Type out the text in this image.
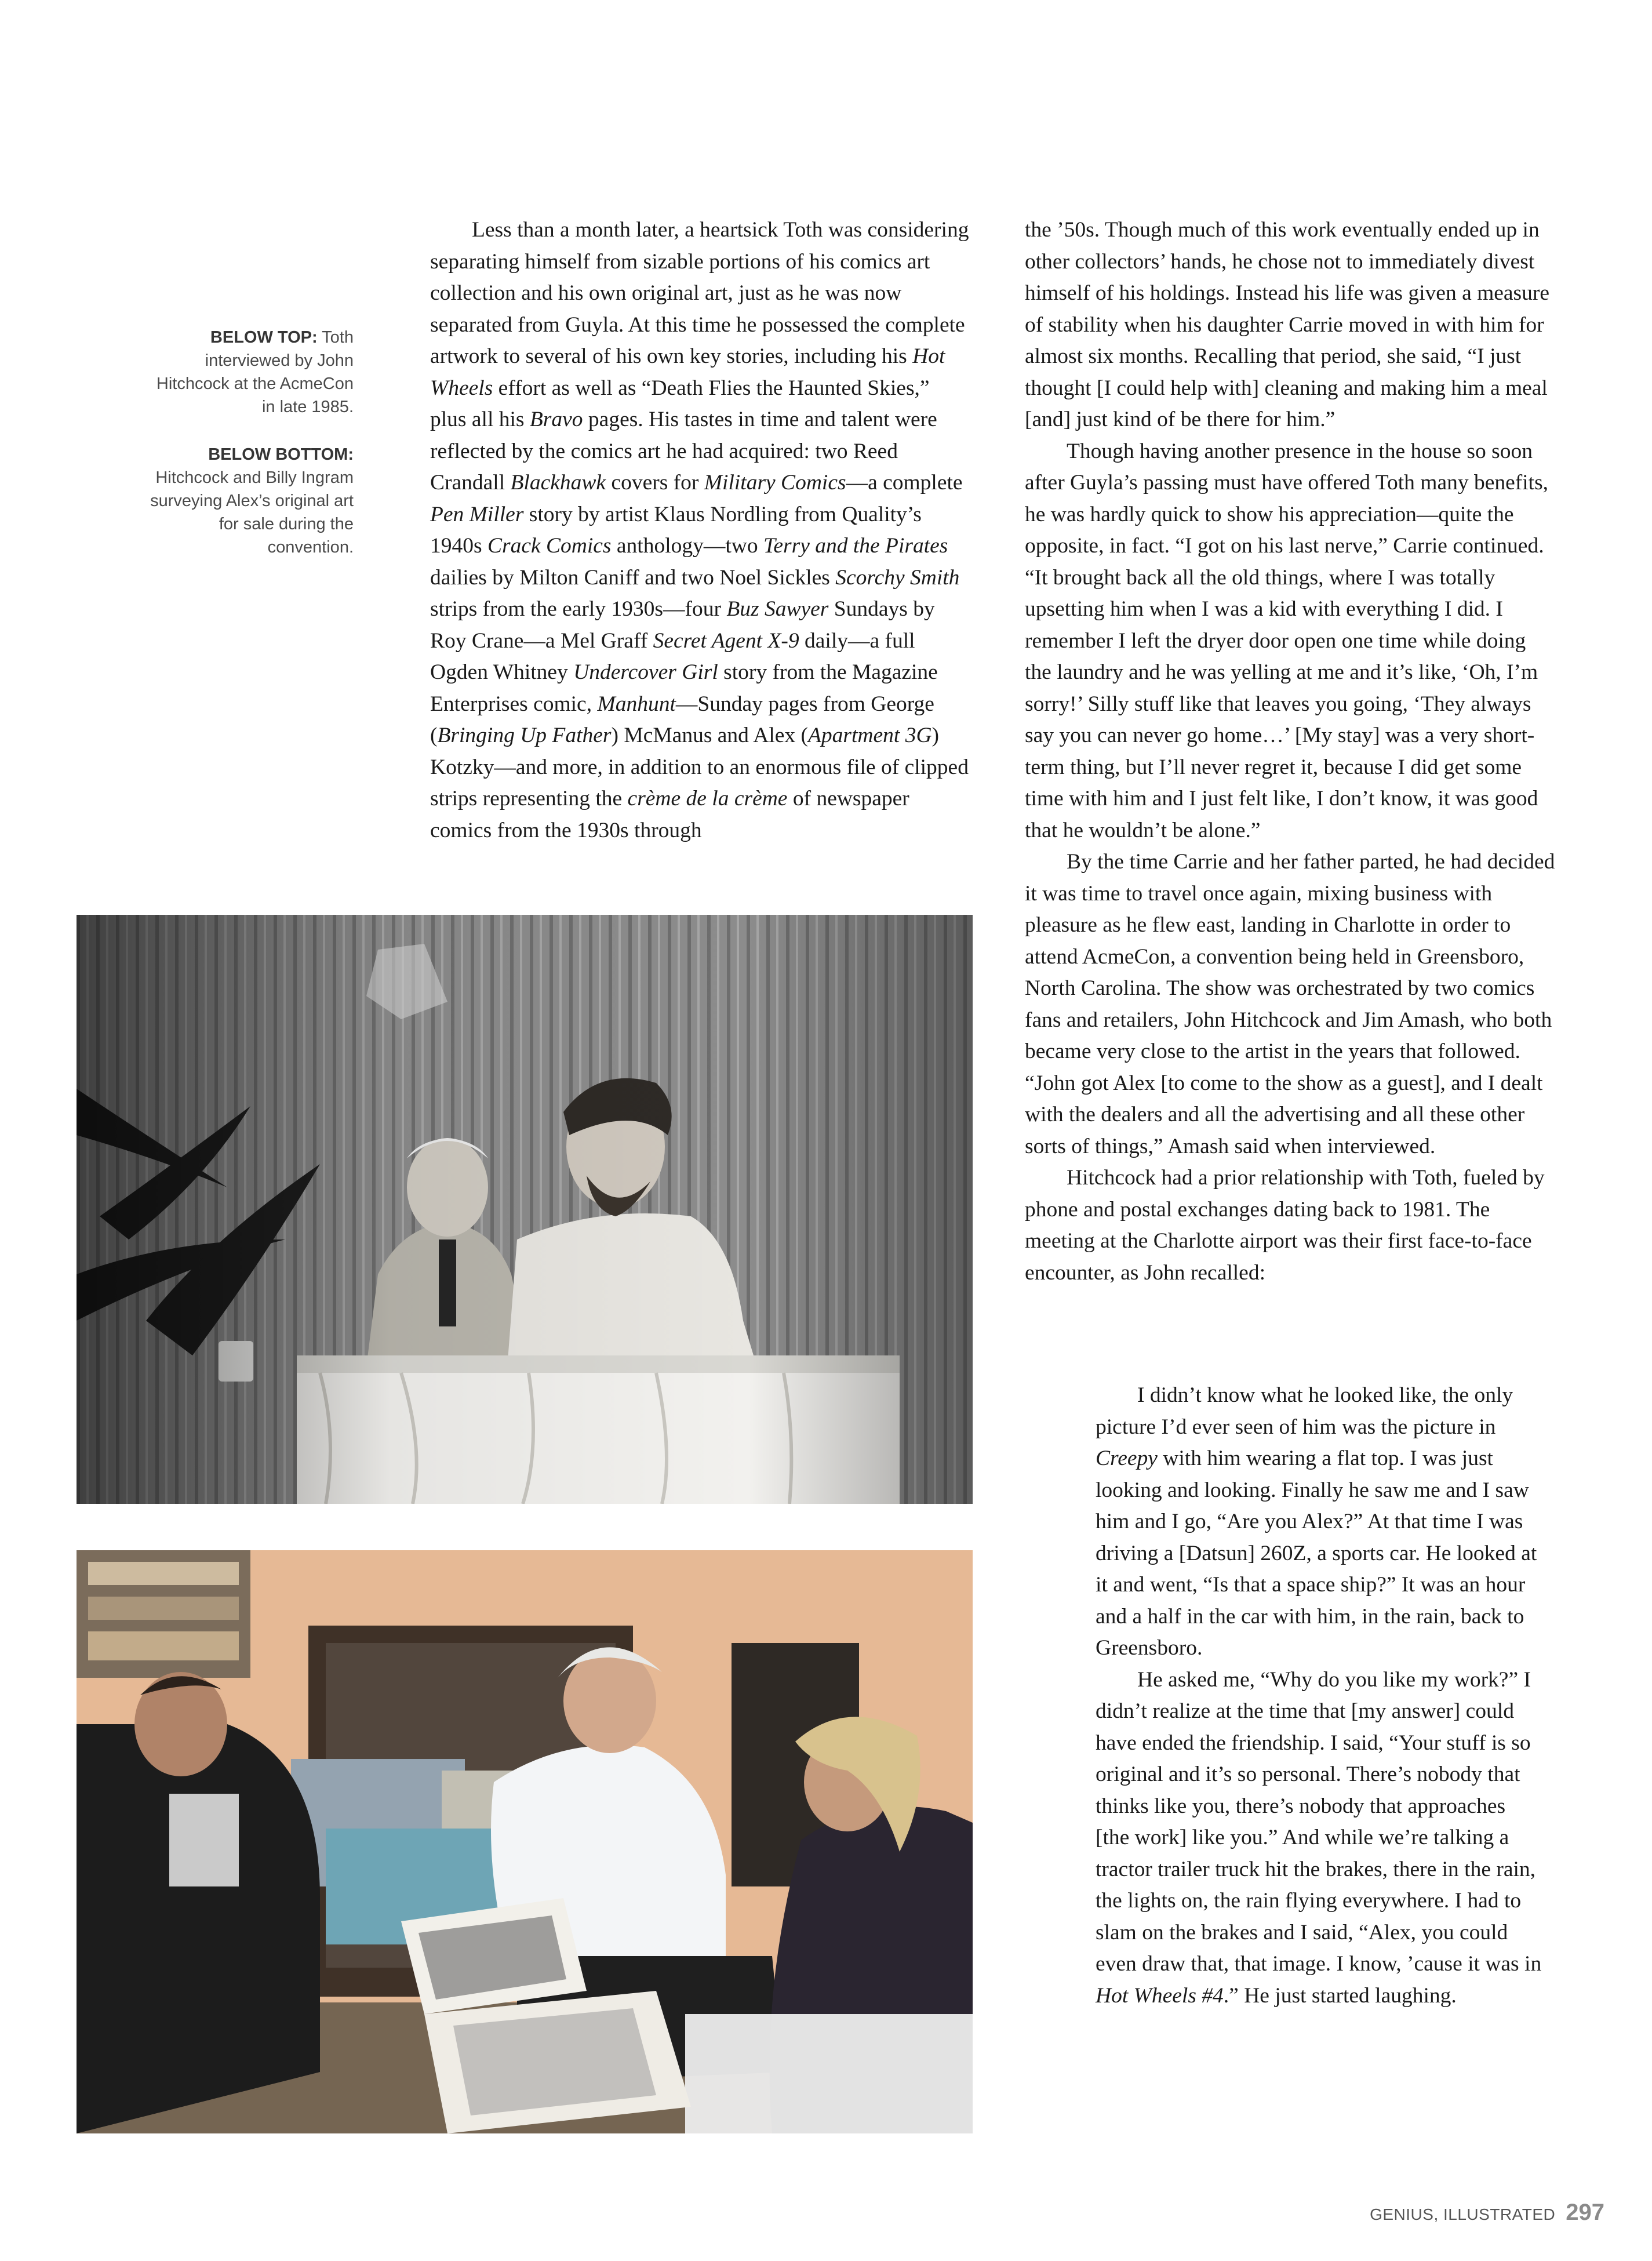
BELOW TOP: Toth interviewed by John Hitchcock at the AcmeCon in late 1985.

BELOW BOTTOM: Hitchcock and Billy Ingram surveying Alex’s original art for sale during the convention.

Less than a month later, a heartsick Toth was considering separating himself from sizable portions of his comics art collection and his own original art, just as he was now separated from Guyla. At this time he possessed the complete artwork to several of his own key stories, including his Hot Wheels effort as well as “Death Flies the Haunted Skies,” plus all his Bravo pages. His tastes in time and talent were reflected by the comics art he had acquired: two Reed Crandall Blackhawk covers for Military Comics—a complete Pen Miller story by artist Klaus Nordling from Quality’s 1940s Crack Comics anthology—two Terry and the Pirates dailies by Milton Caniff and two Noel Sickles Scorchy Smith strips from the early 1930s—four Buz Sawyer Sundays by Roy Crane—a Mel Graff Secret Agent X-9 daily—a full Ogden Whitney Undercover Girl story from the Magazine Enterprises comic, Manhunt—Sunday pages from George (Bringing Up Father) McManus and Alex (Apartment 3G) Kotzky—and more, in addition to an enormous file of clipped strips representing the crème de la crème of newspaper comics from the 1930s through

the ’50s. Though much of this work eventually ended up in other collectors’ hands, he chose not to immediately divest himself of his holdings. Instead his life was given a measure of stability when his daughter Carrie moved in with him for almost six months. Recalling that period, she said, “I just thought [I could help with] cleaning and making him a meal [and] just kind of be there for him.”

Though having another presence in the house so soon after Guyla’s passing must have offered Toth many benefits, he was hardly quick to show his appreciation—quite the opposite, in fact. “I got on his last nerve,” Carrie continued. “It brought back all the old things, where I was totally upsetting him when I was a kid with everything I did. I remember I left the dryer door open one time while doing the laundry and he was yelling at me and it’s like, ‘Oh, I’m sorry!’ Silly stuff like that leaves you going, ‘They always say you can never go home…’ [My stay] was a very short-term thing, but I’ll never regret it, because I did get some time with him and I just felt like, I don’t know, it was good that he wouldn’t be alone.”

By the time Carrie and her father parted, he had decided it was time to travel once again, mixing business with pleasure as he flew east, landing in Charlotte in order to attend AcmeCon, a convention being held in Greensboro, North Carolina. The show was orchestrated by two comics fans and retailers, John Hitchcock and Jim Amash, who both became very close to the artist in the years that followed. “John got Alex [to come to the show as a guest], and I dealt with the dealers and all the advertising and all these other sorts of things,” Amash said when interviewed.

Hitchcock had a prior relationship with Toth, fueled by phone and postal exchanges dating back to 1981. The meeting at the Charlotte airport was their first face-to-face encounter, as John recalled:

I didn’t know what he looked like, the only picture I’d ever seen of him was the picture in Creepy with him wearing a flat top. I was just looking and looking. Finally he saw me and I saw him and I go, “Are you Alex?” At that time I was driving a [Datsun] 260Z, a sports car. He looked at it and went, “Is that a space ship?” It was an hour and a half in the car with him, in the rain, back to Greensboro.

He asked me, “Why do you like my work?” I didn’t realize at the time that [my answer] could have ended the friendship. I said, “Your stuff is so original and it’s so personal. There’s nobody that thinks like you, there’s nobody that approaches [the work] like you.” And while we’re talking a tractor trailer truck hit the brakes, there in the rain, the lights on, the rain flying everywhere. I had to slam on the brakes and I said, “Alex, you could even draw that, that image. I know, ’cause it was in Hot Wheels #4.” He just started laughing.

GENIUS, ILLUSTRATED 297
